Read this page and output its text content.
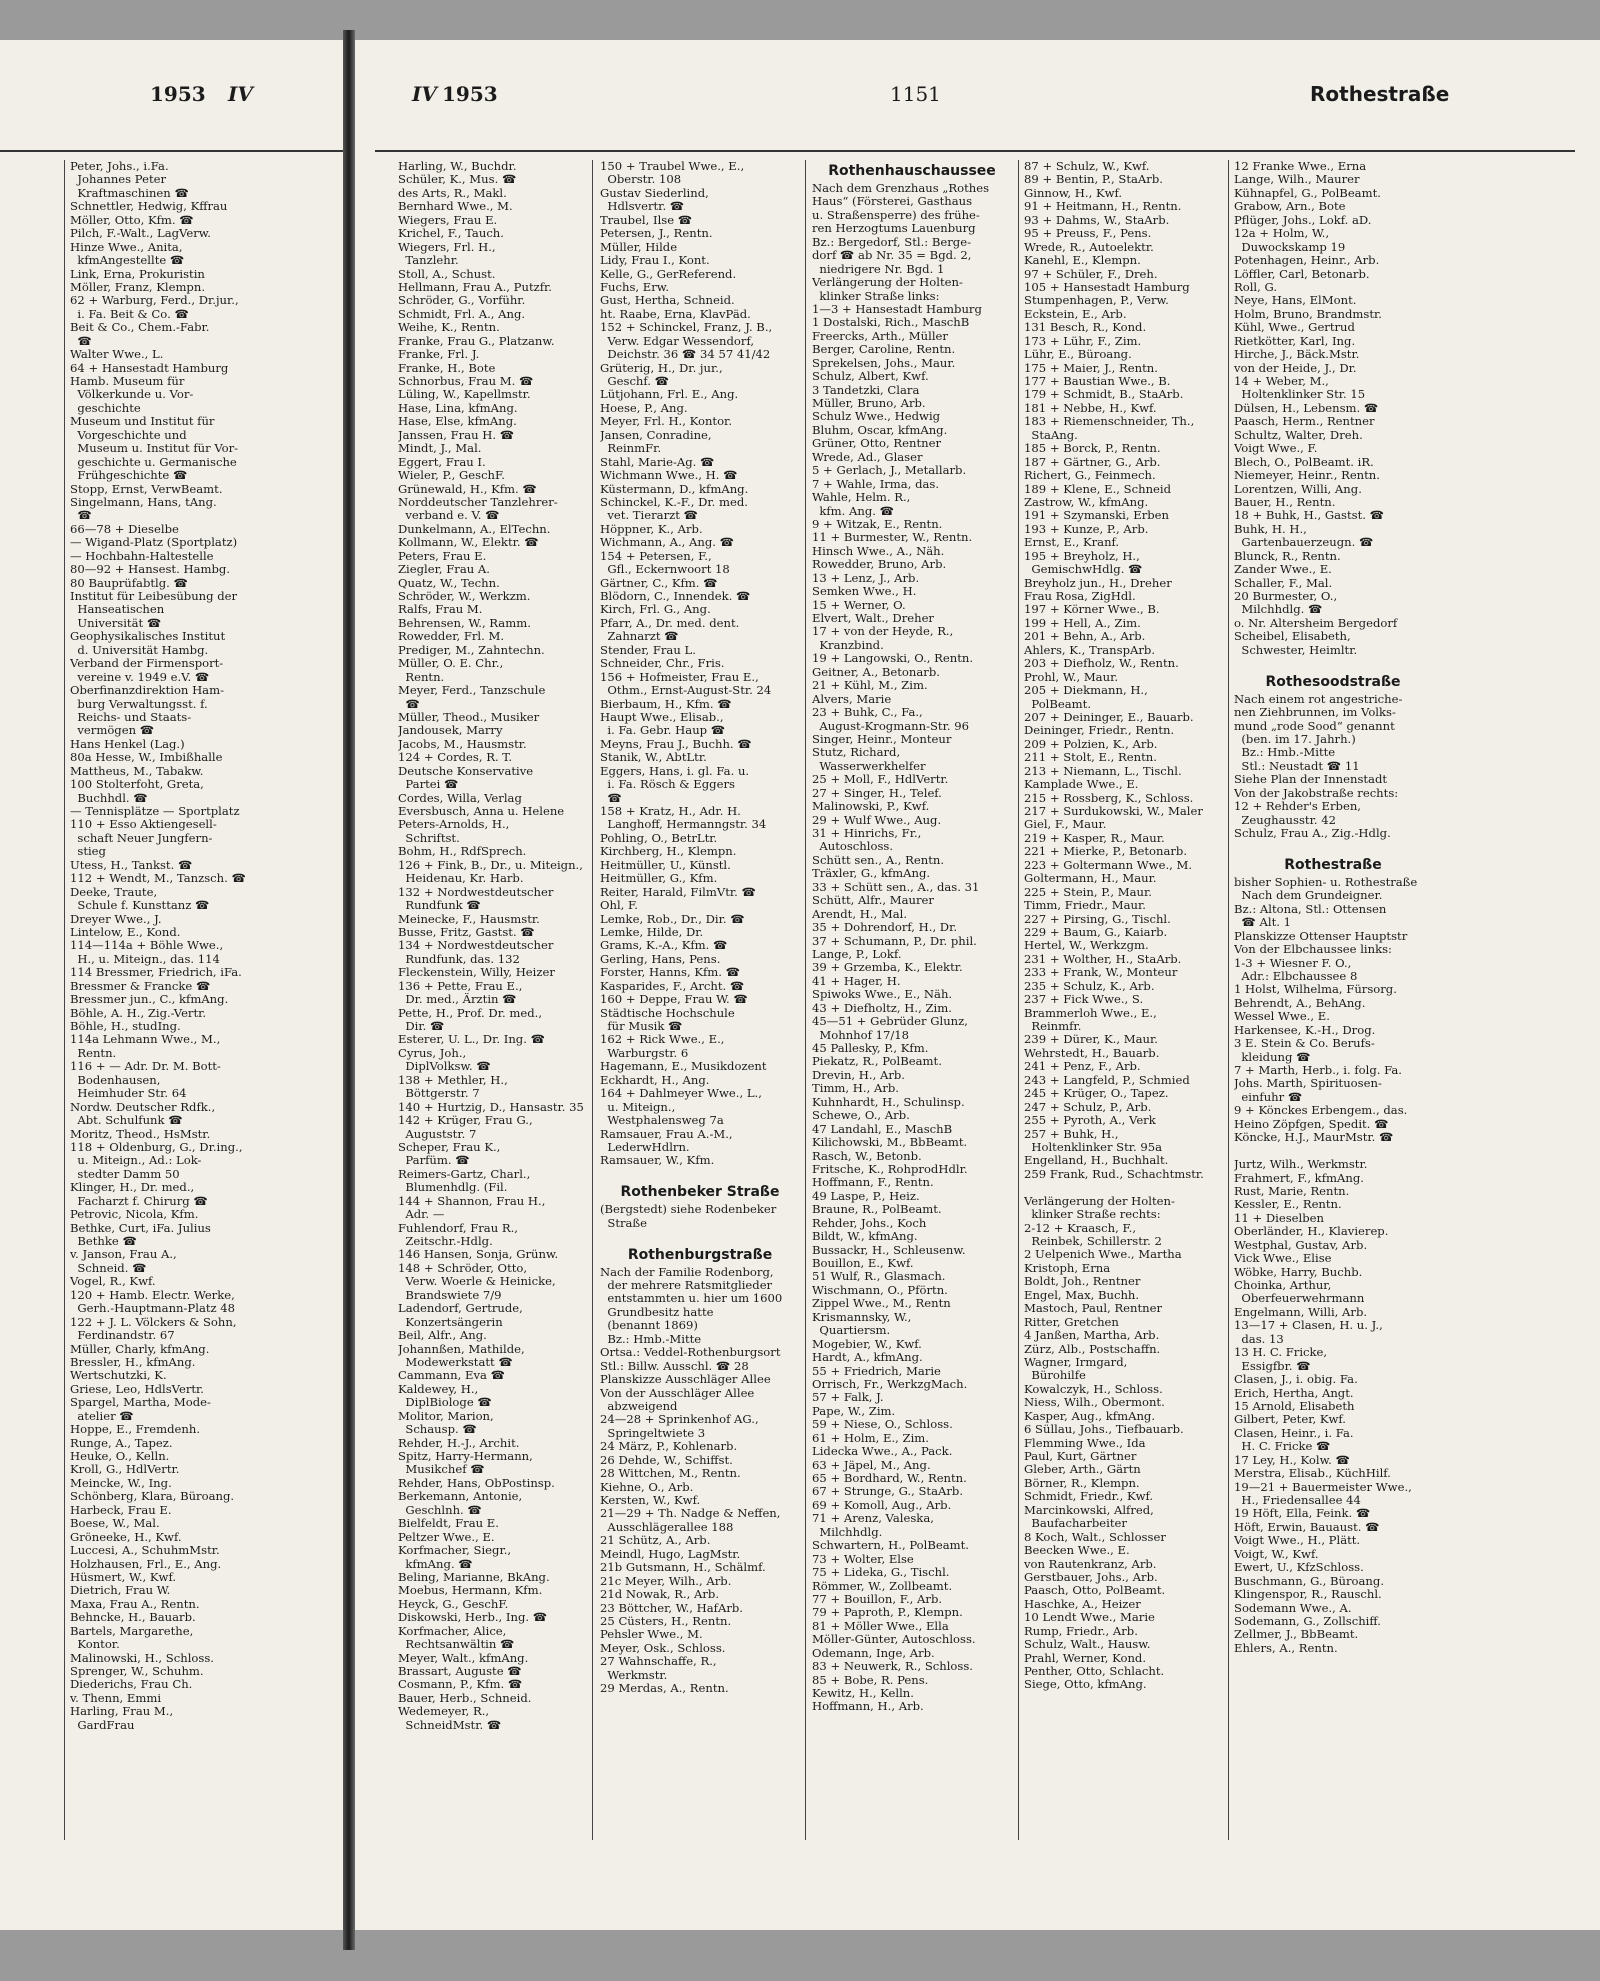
1953 IV	IV 1953	1151	Rothestraße
Peter, Johs., i.Fa.
Johannes Peter
Kraftmaschinen ☎
Schnettler, Hedwig, Kffrau
Möller, Otto, Kfm. ☎
Pilch, F.-Walt., LagVerw.
Hinze Wwe., Anita,
kfmAngestellte ☎
Link, Erna, Prokuristin
Möller, Franz, Klempn.
62 + Warburg, Ferd., Dr.jur.,
i. Fa. Beit & Co. ☎
Beit & Co., Chem.-Fabr.
☎
Walter Wwe., L.
64 + Hansestadt Hamburg
Hamb. Museum für
Völkerkunde u. Vor-
geschichte
Museum und Institut für
Vorgeschichte und
Museum u. Institut für Vor-
geschichte u. Germanische
Frühgeschichte ☎
Stopp, Ernst, VerwBeamt.
Singelmann, Hans, tAng.
☎
66—78 + Dieselbe
— Wigand-Platz (Sportplatz)
— Hochbahn-Haltestelle
80—92 + Hansest. Hambg.
80 Bauprüfabtlg. ☎
Institut für Leibesübung der
Hanseatischen
Universität ☎
Geophysikalisches Institut
d. Universität Hambg.
Verband der Firmensport-
vereine v. 1949 e.V. ☎
Oberfinanzdirektion Ham-
burg Verwaltungsst. f.
Reichs- und Staats-
vermögen ☎
Hans Henkel (Lag.)
80a Hesse, W., Imbißhalle
Mattheus, M., Tabakw.
100 Stolterfoht, Greta,
Buchhdl. ☎
— Tennisplätze — Sportplatz
110 + Esso Aktiengesell-
schaft Neuer Jungfern-
stieg
Utess, H., Tankst. ☎
112 + Wendt, M., Tanzsch. ☎
Deeke, Traute,
Schule f. Kunsttanz ☎
Dreyer Wwe., J.
Lintelow, E., Kond.
114—114a + Böhle Wwe.,
H., u. Miteign., das. 114
114 Bressmer, Friedrich, iFa.
Bressmer & Francke ☎
Bressmer jun., C., kfmAng.
Böhle, A. H., Zig.-Vertr.
Böhle, H., studIng.
114a Lehmann Wwe., M.,
Rentn.
116 + — Adr. Dr. M. Bott-
Bodenhausen,
Heimhuder Str. 64
Nordw. Deutscher Rdfk.,
Abt. Schulfunk ☎
Moritz, Theod., HsMstr.
118 + Oldenburg, G., Dr.ing.,
u. Miteign., Ad.: Lok-
stedter Damm 50
Klinger, H., Dr. med.,
Facharzt f. Chirurg ☎
Petrovic, Nicola, Kfm.
Bethke, Curt, iFa. Julius
Bethke ☎
v. Janson, Frau A.,
Schneid. ☎
Vogel, R., Kwf.
120 + Hamb. Electr. Werke,
Gerh.-Hauptmann-Platz 48
122 + J. L. Völckers & Sohn,
Ferdinandstr. 67
Müller, Charly, kfmAng.
Bressler, H., kfmAng.
Wertschutzki, K.
Griese, Leo, HdlsVertr.
Spargel, Martha, Mode-
atelier ☎
Hoppe, E., Fremdenh.
Runge, A., Tapez.
Heuke, O., Kelln.
Kroll, G., HdlVertr.
Meincke, W., Ing.
Schönberg, Klara, Büroang.
Harbeck, Frau E.
Boese, W., Mal.
Gröneeke, H., Kwf.
Luccesi, A., SchuhmMstr.
Holzhausen, Frl., E., Ang.
Hüsmert, W., Kwf.
Dietrich, Frau W.
Maxa, Frau A., Rentn.
Behncke, H., Bauarb.
Bartels, Margarethe,
Kontor.
Malinowski, H., Schloss.
Sprenger, W., Schuhm.
Diederichs, Frau Ch.
v. Thenn, Emmi
Harling, Frau M.,
GardFrau
Harling, W., Buchdr.
Schüler, K., Mus. ☎
des Arts, R., Makl.
Bernhard Wwe., M.
Wiegers, Frau E.
Krichel, F., Tauch.
Wiegers, Frl. H.,
Tanzlehr.
Stoll, A., Schust.
Hellmann, Frau A., Putzfr.
Schröder, G., Vorführ.
Schmidt, Frl. A., Ang.
Weihe, K., Rentn.
Franke, Frau G., Platzanw.
Franke, Frl. J.
Franke, H., Bote
Schnorbus, Frau M. ☎
Lüling, W., Kapellmstr.
Hase, Lina, kfmAng.
Hase, Else, kfmAng.
Janssen, Frau H. ☎
Mindt, J., Mal.
Eggert, Frau I.
Wieler, P., GeschF.
Grünewald, H., Kfm. ☎
Norddeutscher Tanzlehrer-
verband e. V. ☎
Dunkelmann, A., ElTechn.
Kollmann, W., Elektr. ☎
Peters, Frau E.
Ziegler, Frau A.
Quatz, W., Techn.
Schröder, W., Werkzm.
Ralfs, Frau M.
Behrensen, W., Ramm.
Rowedder, Frl. M.
Prediger, M., Zahntechn.
Müller, O. E. Chr.,
Rentn.
Meyer, Ferd., Tanzschule
☎
Müller, Theod., Musiker
Jandousek, Marry
Jacobs, M., Hausmstr.
124 + Cordes, R. T.
Deutsche Konservative
Partei ☎
Cordes, Willa, Verlag
Eversbusch, Anna u. Helene
Peters-Arnolds, H.,
Schriftst.
Bohm, H., RdfSprech.
126 + Fink, B., Dr., u. Miteign.,
Heidenau, Kr. Harb.
132 + Nordwestdeutscher
Rundfunk ☎
Meinecke, F., Hausmstr.
Busse, Fritz, Gastst. ☎
134 + Nordwestdeutscher
Rundfunk, das. 132
Fleckenstein, Willy, Heizer
136 + Pette, Frau E.,
Dr. med., Ärztin ☎
Pette, H., Prof. Dr. med.,
Dir. ☎
Esterer, U. L., Dr. Ing. ☎
Cyrus, Joh.,
DiplVolksw. ☎
138 + Methler, H.,
Böttgerstr. 7
140 + Hurtzig, D., Hansastr. 35
142 + Krüger, Frau G.,
Auguststr. 7
Scheper, Frau K.,
Parfüm. ☎
Reimers-Gartz, Charl.,
Blumenhdlg. (Fil.
144 + Shannon, Frau H.,
Adr. —
Fuhlendorf, Frau R.,
Zeitschr.-Hdlg.
146 Hansen, Sonja, Grünw.
148 + Schröder, Otto,
Verw. Woerle & Heinicke,
Brandswiete 7/9
Ladendorf, Gertrude,
Konzertsängerin
Beil, Alfr., Ang.
Johannßen, Mathilde,
Modewerkstatt ☎
Cammann, Eva ☎
Kaldewey, H.,
DiplBiologe ☎
Molitor, Marion,
Schausp. ☎
Rehder, H.-J., Archit.
Spitz, Harry-Hermann,
Musikchef ☎
Rehder, Hans, ObPostinsp.
Berkemann, Antonie,
Geschlnh. ☎
Bielfeldt, Frau E.
Peltzer Wwe., E.
Korfmacher, Siegr.,
kfmAng. ☎
Beling, Marianne, BkAng.
Moebus, Hermann, Kfm.
Heyck, G., GeschF.
Diskowski, Herb., Ing. ☎
Korfmacher, Alice,
Rechtsanwältin ☎
Meyer, Walt., kfmAng.
Brassart, Auguste ☎
Cosmann, P., Kfm. ☎
Bauer, Herb., Schneid.
Wedemeyer, R.,
SchneidMstr. ☎
150 + Traubel Wwe., E.,
Oberstr. 108
Gustav Siederlind,
Hdlsvertr. ☎
Traubel, Ilse ☎
Petersen, J., Rentn.
Müller, Hilde
Lidy, Frau I., Kont.
Kelle, G., GerReferend.
Fuchs, Erw.
Gust, Hertha, Schneid.
ht. Raabe, Erna, KlavPäd.
152 + Schinckel, Franz, J. B.,
Verw. Edgar Wessendorf,
Deichstr. 36 ☎ 34 57 41/42
Grüterig, H., Dr. jur.,
Geschf. ☎
Lütjohann, Frl. E., Ang.
Hoese, P., Ang.
Meyer, Frl. H., Kontor.
Jansen, Conradine,
ReinmFr.
Stahl, Marie-Ag. ☎
Wichmann Wwe., H. ☎
Küstermann, D., kfmAng.
Schinckel, K.-F., Dr. med.
vet. Tierarzt ☎
Höppner, K., Arb.
Wichmann, A., Ang. ☎
154 + Petersen, F.,
Gfl., Eckernwoort 18
Gärtner, C., Kfm. ☎
Blödorn, C., Innendek. ☎
Kirch, Frl. G., Ang.
Pfarr, A., Dr. med. dent.
Zahnarzt ☎
Stender, Frau L.
Schneider, Chr., Fris.
156 + Hofmeister, Frau E.,
Othm., Ernst-August-Str. 24
Bierbaum, H., Kfm. ☎
Haupt Wwe., Elisab.,
i. Fa. Gebr. Haup ☎
Meyns, Frau J., Buchh. ☎
Stanik, W., AbtLtr.
Eggers, Hans, i. gl. Fa. u.
i. Fa. Rösch & Eggers
☎
158 + Kratz, H., Adr. H.
Langhoff, Hermanngstr. 34
Pohling, O., BetrLtr.
Kirchberg, H., Klempn.
Heitmüller, U., Künstl.
Heitmüller, G., Kfm.
Reiter, Harald, FilmVtr. ☎
Ohl, F.
Lemke, Rob., Dr., Dir. ☎
Lemke, Hilde, Dr.
Grams, K.-A., Kfm. ☎
Gerling, Hans, Pens.
Forster, Hanns, Kfm. ☎
Kasparides, F., Archt. ☎
160 + Deppe, Frau W. ☎
Städtische Hochschule
für Musik ☎
162 + Rick Wwe., E.,
Warburgstr. 6
Hagemann, E., Musikdozent
Eckhardt, H., Ang.
164 + Dahlmeyer Wwe., L.,
u. Miteign.,
Westphalensweg 7a
Ramsauer, Frau A.-M.,
LederwHdlrn.
Ramsauer, W., Kfm.
Rothenbeker Straße
(Bergstedt) siehe Rodenbeker
Straße
Rothenburgstraße
Nach der Familie Rodenborg,
der mehrere Ratsmitglieder
entstammten u. hier um 1600
Grundbesitz hatte
(benannt 1869)
Bz.: Hmb.-Mitte
Ortsa.: Veddel-Rothenburgsort
Stl.: Billw. Ausschl. ☎ 28
Planskizze Ausschläger Allee
Von der Ausschläger Allee
abzweigend
24—28 + Sprinkenhof AG.,
Springeltwiete 3
24 März, P., Kohlenarb.
26 Dehde, W., Schiffst.
28 Wittchen, M., Rentn.
Kiehne, O., Arb.
Kersten, W., Kwf.
21—29 + Th. Nadge & Neffen,
Ausschlägerallee 188
21 Schütz, A., Arb.
Meindl, Hugo, LagMstr.
21b Gutsmann, H., Schälmf.
21c Meyer, Wilh., Arb.
21d Nowak, R., Arb.
23 Böttcher, W., HafArb.
25 Cüsters, H., Rentn.
Pehsler Wwe., M.
Meyer, Osk., Schloss.
27 Wahnschaffe, R.,
Werkmstr.
29 Merdas, A., Rentn.
Rothenhauschaussee
Nach dem Grenzhaus „Rothes
Haus“ (Försterei, Gasthaus
u. Straßensperre) des frühe-
ren Herzogtums Lauenburg
Bz.: Bergedorf, Stl.: Berge-
dorf ☎ ab Nr. 35 = Bgd. 2,
niedrigere Nr. Bgd. 1
Verlängerung der Holten-
klinker Straße links:
1—3 + Hansestadt Hamburg
1 Dostalski, Rich., MaschB
Freercks, Arth., Müller
Berger, Caroline, Rentn.
Sprekelsen, Johs., Maur.
Schulz, Albert, Kwf.
3 Tandetzki, Clara
Müller, Bruno, Arb.
Schulz Wwe., Hedwig
Bluhm, Oscar, kfmAng.
Grüner, Otto, Rentner
Wrede, Ad., Glaser
5 + Gerlach, J., Metallarb.
7 + Wahle, Irma, das.
Wahle, Helm. R.,
kfm. Ang. ☎
9 + Witzak, E., Rentn.
11 + Burmester, W., Rentn.
Hinsch Wwe., A., Näh.
Rowedder, Bruno, Arb.
13 + Lenz, J., Arb.
Semken Wwe., H.
15 + Werner, O.
Elvert, Walt., Dreher
17 + von der Heyde, R.,
Kranzbind.
19 + Langowski, O., Rentn.
Geitner, A., Betonarb.
21 + Kühl, M., Zim.
Alvers, Marie
23 + Buhk, C., Fa.,
August-Krogmann-Str. 96
Singer, Heinr., Monteur
Stutz, Richard,
Wasserwerkhelfer
25 + Moll, F., HdlVertr.
27 + Singer, H., Telef.
Malinowski, P., Kwf.
29 + Wulf Wwe., Aug.
31 + Hinrichs, Fr.,
Autoschloss.
Schütt sen., A., Rentn.
Träxler, G., kfmAng.
33 + Schütt sen., A., das. 31
Schütt, Alfr., Maurer
Arendt, H., Mal.
35 + Dohrendorf, H., Dr.
37 + Schumann, P., Dr. phil.
Lange, P., Lokf.
39 + Grzemba, K., Elektr.
41 + Hager, H.
Spiwoks Wwe., E., Näh.
43 + Diefholtz, H., Zim.
45—51 + Gebrüder Glunz,
Mohnhof 17/18
45 Pallesky, P., Kfm.
Piekatz, R., PolBeamt.
Drevin, H., Arb.
Timm, H., Arb.
Kuhnhardt, H., Schulinsp.
Schewe, O., Arb.
47 Landahl, E., MaschB
Kilichowski, M., BbBeamt.
Rasch, W., Betonb.
Fritsche, K., RohprodHdlr.
Hoffmann, F., Rentn.
49 Laspe, P., Heiz.
Braune, R., PolBeamt.
Rehder, Johs., Koch
Bildt, W., kfmAng.
Bussackr, H., Schleusenw.
Bouillon, E., Kwf.
51 Wulf, R., Glasmach.
Wischmann, O., Pförtn.
Zippel Wwe., M., Rentn
Krismannsky, W.,
Quartiersm.
Mogebier, W., Kwf.
Hardt, A., kfmAng.
55 + Friedrich, Marie
Orrisch, Fr., WerkzgMach.
57 + Falk, J.
Pape, W., Zim.
59 + Niese, O., Schloss.
61 + Holm, E., Zim.
Lidecka Wwe., A., Pack.
63 + Jäpel, M., Ang.
65 + Bordhard, W., Rentn.
67 + Strunge, G., StaArb.
69 + Komoll, Aug., Arb.
71 + Arenz, Valeska,
Milchhdlg.
Schwartern, H., PolBeamt.
73 + Wolter, Else
75 + Lideka, G., Tischl.
Römmer, W., Zollbeamt.
77 + Bouillon, F., Arb.
79 + Paproth, P., Klempn.
81 + Möller Wwe., Ella
Möller-Günter, Autoschloss.
Odemann, Inge, Arb.
83 + Neuwerk, R., Schloss.
85 + Bobe, R. Pens.
Kewitz, H., Kelln.
Hoffmann, H., Arb.
87 + Schulz, W., Kwf.
89 + Bentin, P., StaArb.
Ginnow, H., Kwf.
91 + Heitmann, H., Rentn.
93 + Dahms, W., StaArb.
95 + Preuss, F., Pens.
Wrede, R., Autoelektr.
Kanehl, E., Klempn.
97 + Schüler, F., Dreh.
105 + Hansestadt Hamburg
Stumpenhagen, P., Verw.
Eckstein, E., Arb.
131 Besch, R., Kond.
173 + Lühr, F., Zim.
Lühr, E., Büroang.
175 + Maier, J., Rentn.
177 + Baustian Wwe., B.
179 + Schmidt, B., StaArb.
181 + Nebbe, H., Kwf.
183 + Riemenschneider, Th.,
StaAng.
185 + Borck, P., Rentn.
187 + Gärtner, G., Arb.
Richert, G., Feinmech.
189 + Klene, E., Schneid
Zastrow, W., kfmAng.
191 + Szymanski, Erben
193 + Kunze, P., Arb.
Ernst, E., Kranf.
195 + Breyholz, H.,
GemischwHdlg. ☎
Breyholz jun., H., Dreher
Frau Rosa, ZigHdl.
197 + Körner Wwe., B.
199 + Hell, A., Zim.
201 + Behn, A., Arb.
Ahlers, K., TranspArb.
203 + Diefholz, W., Rentn.
Prohl, W., Maur.
205 + Diekmann, H.,
PolBeamt.
207 + Deininger, E., Bauarb.
Deininger, Friedr., Rentn.
209 + Polzien, K., Arb.
211 + Stolt, E., Rentn.
213 + Niemann, L., Tischl.
Kamplade Wwe., E.
215 + Rossberg, K., Schloss.
217 + Surdukowski, W., Maler
Giel, F., Maur.
219 + Kasper, R., Maur.
221 + Mierke, P., Betonarb.
223 + Goltermann Wwe., M.
Goltermann, H., Maur.
225 + Stein, P., Maur.
Timm, Friedr., Maur.
227 + Pirsing, G., Tischl.
229 + Baum, G., Kaiarb.
Hertel, W., Werkzgm.
231 + Wolther, H., StaArb.
233 + Frank, W., Monteur
235 + Schulz, K., Arb.
237 + Fick Wwe., S.
Brammerloh Wwe., E.,
Reinmfr.
239 + Dürer, K., Maur.
Wehrstedt, H., Bauarb.
241 + Penz, F., Arb.
243 + Langfeld, P., Schmied
245 + Krüger, O., Tapez.
247 + Schulz, P., Arb.
255 + Pyroth, A., Verk
257 + Buhk, H.,
Holtenklinker Str. 95a
Engelland, H., Buchhalt.
259 Frank, Rud., Schachtmstr.
Verlängerung der Holten-
klinker Straße rechts:
2-12 + Kraasch, F.,
Reinbek, Schillerstr. 2
2 Uelpenich Wwe., Martha
Kristoph, Erna
Boldt, Joh., Rentner
Engel, Max, Buchh.
Mastoch, Paul, Rentner
Ritter, Gretchen
4 Janßen, Martha, Arb.
Zürz, Alb., Postschaffn.
Wagner, Irmgard,
Bürohilfe
Kowalczyk, H., Schloss.
Niess, Wilh., Obermont.
Kasper, Aug., kfmAng.
6 Süllau, Johs., Tiefbauarb.
Flemming Wwe., Ida
Paul, Kurt, Gärtner
Gleber, Arth., Gärtn
Börner, R., Klempn.
Schmidt, Friedr., Kwf.
Marcinkowski, Alfred,
Baufacharbeiter
8 Koch, Walt., Schlosser
Beecken Wwe., E.
von Rautenkranz, Arb.
Gerstbauer, Johs., Arb.
Paasch, Otto, PolBeamt.
Haschke, A., Heizer
10 Lendt Wwe., Marie
Rump, Friedr., Arb.
Schulz, Walt., Hausw.
Prahl, Werner, Kond.
Penther, Otto, Schlacht.
Siege, Otto, kfmAng.
12 Franke Wwe., Erna
Lange, Wilh., Maurer
Kühnapfel, G., PolBeamt.
Grabow, Arn., Bote
Pflüger, Johs., Lokf. aD.
12a + Holm, W.,
Duwockskamp 19
Potenhagen, Heinr., Arb.
Löffler, Carl, Betonarb.
Roll, G.
Neye, Hans, ElMont.
Holm, Bruno, Brandmstr.
Kühl, Wwe., Gertrud
Rietkötter, Karl, Ing.
Hirche, J., Bäck.Mstr.
von der Heide, J., Dr.
14 + Weber, M.,
Holtenklinker Str. 15
Dülsen, H., Lebensm. ☎
Paasch, Herm., Rentner
Schultz, Walter, Dreh.
Voigt Wwe., F.
Blech, O., PolBeamt. iR.
Niemeyer, Heinr., Rentn.
Lorentzen, Willi, Ang.
Bauer, H., Rentn.
18 + Buhk, H., Gastst. ☎
Buhk, H. H.,
Gartenbauerzeugn. ☎
Blunck, R., Rentn.
Zander Wwe., E.
Schaller, F., Mal.
20 Burmester, O.,
Milchhdlg. ☎
o. Nr. Altersheim Bergedorf
Scheibel, Elisabeth,
Schwester, Heimltr.
Rothesoodstraße
Nach einem rot angestriche-
nen Ziehbrunnen, im Volks-
mund „rode Sood“ genannt
(ben. im 17. Jahrh.)
Bz.: Hmb.-Mitte
Stl.: Neustadt ☎ 11
Siehe Plan der Innenstadt
Von der Jakobstraße rechts:
12 + Rehder's Erben,
Zeughausstr. 42
Schulz, Frau A., Zig.-Hdlg.
Rothestraße
bisher Sophien- u. Rothestraße
Nach dem Grundeigner.
Bz.: Altona, Stl.: Ottensen
☎ Alt. 1
Planskizze Ottenser Hauptstr
Von der Elbchaussee links:
1-3 + Wiesner F. O.,
Adr.: Elbchaussee 8
1 Holst, Wilhelma, Fürsorg.
Behrendt, A., BehAng.
Wessel Wwe., E.
Harkensee, K.-H., Drog.
3 E. Stein & Co. Berufs-
kleidung ☎
7 + Marth, Herb., i. folg. Fa.
Johs. Marth, Spirituosen-
einfuhr ☎
9 + Könckes Erbengem., das.
Heino Zöpfgen, Spedit. ☎
Köncke, H.J., MaurMstr. ☎
Jurtz, Wilh., Werkmstr.
Frahmert, F., kfmAng.
Rust, Marie, Rentn.
Kessler, E., Rentn.
11 + Dieselben
Oberländer, H., Klavierep.
Westphal, Gustav, Arb.
Vick Wwe., Elise
Wöbke, Harry, Buchb.
Choinka, Arthur,
Oberfeuerwehrmann
Engelmann, Willi, Arb.
13—17 + Clasen, H. u. J.,
das. 13
13 H. C. Fricke,
Essigfbr. ☎
Clasen, J., i. obig. Fa.
Erich, Hertha, Angt.
15 Arnold, Elisabeth
Gilbert, Peter, Kwf.
Clasen, Heinr., i. Fa.
H. C. Fricke ☎
17 Ley, H., Kolw. ☎
Merstra, Elisab., KüchHilf.
19—21 + Bauermeister Wwe.,
H., Friedensallee 44
19 Höft, Ella, Feink. ☎
Höft, Erwin, Bauaust. ☎
Voigt Wwe., H., Plätt.
Voigt, W., Kwf.
Ewert, U., KfzSchloss.
Buschmann, G., Büroang.
Klingenspor, R., Rauschl.
Sodemann Wwe., A.
Sodemann, G., Zollschiff.
Zellmer, J., BbBeamt.
Ehlers, A., Rentn.
